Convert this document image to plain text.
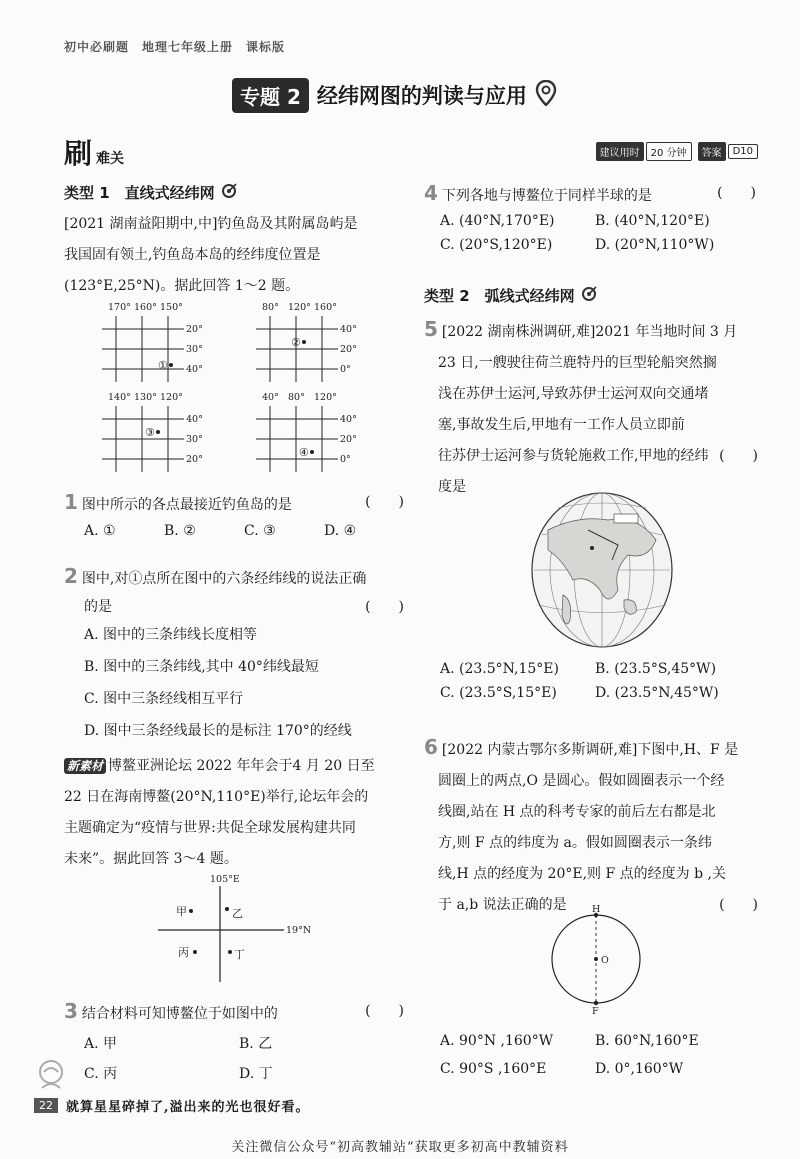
初中必刷题　地理七年级上册　课标版
专题 2 经纬网图的判读与应用
刷 难关	建议用时	20 分钟	答案	D10
类型 1　直线式经纬网
[2021 湖南益阳期中,中]钓鱼岛及其附属岛屿是
我国固有领土,钓鱼岛本岛的经纬度位置是
(123°E,25°N)。据此回答 1～2 题。
170° 160° 150°
20°
30°
40°
①
80° 120° 160°
40°
20°
0°
②
140° 130° 120°
40°
30°
20°
③
40° 80° 120°
40°
20°
0°
④
1 图中所示的各点最接近钓鱼岛的是	(　　)
A. ①	B. ②	C. ③	D. ④
2 图中,对①点所在图中的六条经纬线的说法正确
的是	(　　)
A. 图中的三条纬线长度相等
B. 图中的三条纬线,其中 40°纬线最短
C. 图中三条经线相互平行
D. 图中三条经线最长的是标注 170°的经线
新素材 博鳌亚洲论坛 2022 年年会于4 月 20 日至
22 日在海南博鳌(20°N,110°E)举行,论坛年会的
主题确定为“疫情与世界:共促全球发展构建共同
未来”。据此回答 3～4 题。
105°E
19°N
甲	乙
丙	丁
3 结合材料可知博鳌位于如图中的	(　　)
A. 甲	B. 乙
C. 丙	D. 丁
4 下列各地与博鳌位于同样半球的是	(　　)
A. (40°N,170°E)	B. (40°N,120°E)
C. (20°S,120°E)	D. (20°N,110°W)
类型 2　弧线式经纬网
5 [2022 湖南株洲调研,难]2021 年当地时间 3 月
23 日,一艘驶往荷兰鹿特丹的巨型轮船突然搁
浅在苏伊士运河,导致苏伊士运河双向交通堵
塞,事故发生后,甲地有一工作人员立即前
往苏伊士运河参与货轮施救工作,甲地的经纬
度是
(　　)
A. (23.5°N,15°E)	B. (23.5°S,45°W)
C. (23.5°S,15°E)	D. (23.5°N,45°W)
6 [2022 内蒙古鄂尔多斯调研,难]下图中,H、F 是
圆圈上的两点,O 是圆心。假如圆圈表示一个经
线圈,站在 H 点的科考专家的前后左右都是北
方,则 F 点的纬度为 a。假如圆圈表示一条纬
线,H 点的经度为 20°E,则 F 点的经度为 b ,关
于 a,b 说法正确的是	(　　)
H
O
F
A. 90°N ,160°W	B. 60°N,160°E
C. 90°S ,160°E	D. 0°,160°W
22	就算星星碎掉了,溢出来的光也很好看。
关注微信公众号“初高教辅站”获取更多初高中教辅资料
